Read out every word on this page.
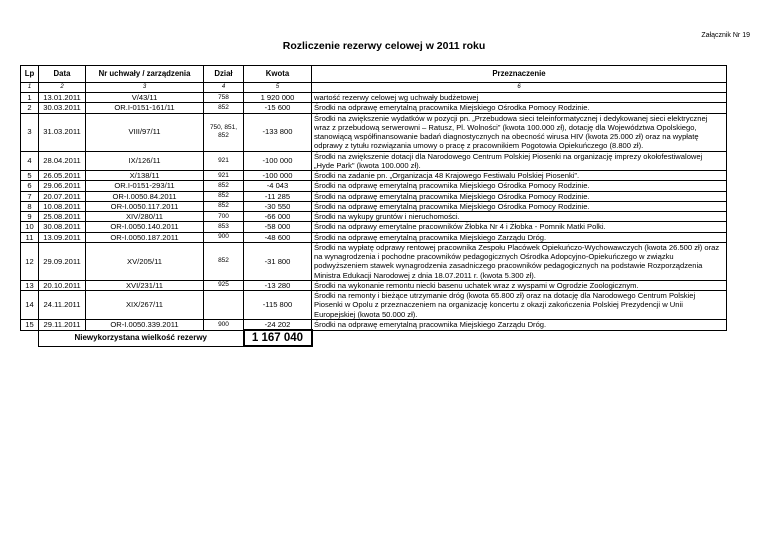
Załącznik Nr 19
Rozliczenie rezerwy celowej w 2011 roku
Lp	Data	Nr uchwały / zarządzenia	Dział	Kwota	Przeznaczenie
1	2	3	4	5	6
1	13.01.2011	V/43/11	758	1 920 000	wartość rezerwy celowej wg uchwały budżetowej
2	30.03.2011	OR.I-0151-161/11	852	-15 600	Środki na odprawę emerytalną pracownika Miejskiego Ośrodka Pomocy Rodzinie.
3	31.03.2011	VIII/97/11	750, 851, 852	-133 800	Środki na zwiększenie wydatków w pozycji pn. „Przebudowa sieci teleinformatycznej i dedykowanej sieci elektrycznej wraz z przebudową serwerowni – Ratusz, Pl. Wolności” (kwota 100.000 zł), dotację dla Województwa Opolskiego, stanowiącą współfinansowanie badań diagnostycznych na obecność wirusa HIV (kwota 25.000 zł) oraz na wypłatę odprawy z tytułu rozwiązania umowy o pracę z pracownikiem Pogotowia Opiekuńczego (8.800 zł).
4	28.04.2011	IX/126/11	921	-100 000	Środki na zwiększenie dotacji dla Narodowego Centrum Polskiej Piosenki na organizację imprezy okołofestiwalowej „Hyde Park” (kwota 100.000 zł).
5	26.05.2011	X/138/11	921	-100 000	Środki na zadanie pn. „Organizacja 48 Krajowego Festiwalu Polskiej Piosenki”.
6	29.06.2011	OR.I-0151-293/11	852	-4 043	Środki na odprawę emerytalną pracownika Miejskiego Ośrodka Pomocy Rodzinie.
7	20.07.2011	OR-I.0050.84.2011	852	-11 285	Środki na odprawę emerytalną pracownika Miejskiego Ośrodka Pomocy Rodzinie.
8	10.08.2011	OR-I.0050.117.2011	852	-30 550	Środki na odprawę emerytalną pracownika Miejskiego Ośrodka Pomocy Rodzinie.
9	25.08.2011	XIV/280/11	700	-66 000	Środki na wykupy gruntów i nieruchomości.
10	30.08.2011	OR-I.0050.140.2011	853	-58 000	Środki na odprawy emerytalne pracowników Żłobka Nr 4 i Żłobka - Pomnik Matki Polki.
11	13.09.2011	OR-I.0050.187.2011	900	-48 600	Środki na odprawę emerytalną pracownika Miejskiego Zarządu Dróg.
12	29.09.2011	XV/205/11	852	-31 800	Środki na wypłatę odprawy rentowej pracownika Zespołu Placówek Opiekuńczo-Wychowawczych (kwota 26.500 zł) oraz na wynagrodzenia i pochodne pracowników pedagogicznych Ośrodka Adopcyjno-Opiekuńczego w związku podwyższeniem stawek wynagrodzenia zasadniczego pracowników pedagogicznych na podstawie Rozporządzenia Ministra Edukacji Narodowej z dnia 18.07.2011 r. (kwota 5.300 zł).
13	20.10.2011	XVI/231/11	925	-13 280	Środki na wykonanie remontu niecki basenu uchatek wraz z wyspami w Ogrodzie Zoologicznym.
14	24.11.2011	XIX/267/11		-115 800	Środki na remonty i bieżące utrzymanie dróg (kwota 65.800 zł) oraz na dotację dla Narodowego Centrum Polskiej Piosenki w Opolu z przeznaczeniem na organizację koncertu z okazji zakończenia Polskiej Prezydencji w Unii Europejskiej (kwota 50.000 zł).
15	29.11.2011	OR-I.0050.339.2011	900	-24 202	Środki na odprawę emerytalną pracownika Miejskiego Zarządu Dróg.
	Niewykorzystana wielkość rezerwy			1 167 040	
